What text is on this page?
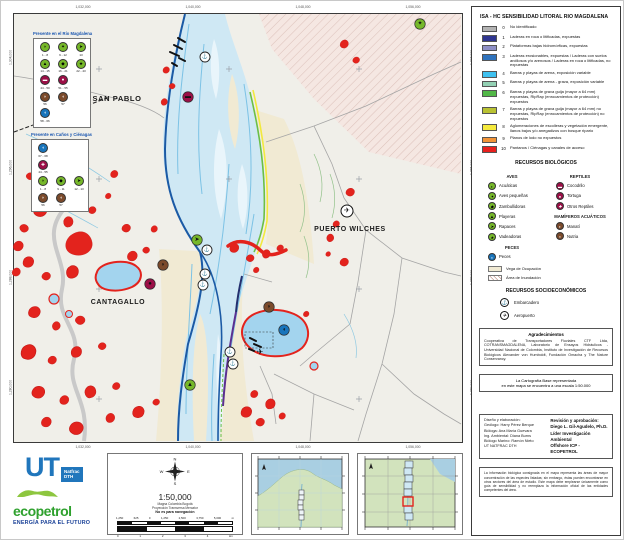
✈
➤
▲
✦
▬
●
◗
◗
◖
⚓
⚓
⚓
⚓
⚓
⚓
✈
SAN PABLO
CANTAGALLO
PUERTO WILCHES
Presente en el Río Magdalena
◗
1 - 8
✦
9 - 12
➤
13
▲
14 - 15
◆
16 - 21
★
22 - 43
▬
44 - 50
●
51 - 55
◗
56
◖
57
◖
58 - 66
Presente en Caños y Ciénagas
◖
67 - 68
✚
44 - 55
◗
1 - 8
◆
9 - 11
➤
12 - 13
◗
56
◖
57
1,032,000	1,040,000	1,048,000	1,056,000
1,032,000	1,040,000	1,048,000	1,056,000
1,304,000
1,296,000
1,288,000
1,280,000
ISA - HC SENSIBILIDAD LITORAL RIO MAGDALENA
0	No identificado
1	Laderas en roca o litificadas, expuestas
2	Plataformas bajas hidromórficas, expuestas
3	Laderas erosionables, expuestas / Laderas con suelos arcillosos y/o arenosos / Laderas en roca o litificadas, no expuestas
4	Barras y playas de arena, exposición variable
5	Barras y playas de arena - grava, exposición variable
6	Barras y playas de grava guija (mayor a 64 mm) expuestas, RipRap (enrocamientos de protección) expuestos
7	Barras y playas de grava guija (mayor a 64 mm) no expuestas, RipRap (enrocamientos de protección) no expuestos
8	Aglomeraciones de escolleras y vegetación emergente, llanos bajos y/o anegadizos con bosque ripario
9	Planos de lodo no expuestos
10 Pantanos / Ciénagas y canales de acceso
RECURSOS BIOLÓGICOS
AVES
◗	Acuáticas
✦	Aves pequeñas
◆	Zambullidoras
▲	Playeras
➤	Rapaces
★	Vadeadoras
PECES
◖	Peces
REPTILES
▬	Cocodrilo
●	Tortuga
✚	Otros Reptiles
MAMÍFEROS ACUÁTICOS
◗	Manatí
◖	Nutria
Vega de Ocupación
Área de Inundación
RECURSOS SOCIOECONÓMICOS
⚓	Embarcadero
✈	Aeropuerto
Agradecimientos
Cooperativa de Transportadores Fluviales CTF Ltda, COTRANSMAGDALENA, Laboratorio de Ensayos Hidráulicos - Universidad Nacional de Colombia, Instituto de Investigación de Recursos Biológicos Alexander von Humboldt, Fundación Omacha y The Nature Conservancy.
La Cartografía Base representada
en este mapa se encuentra a una escala 1:50.000
Diseño y elaboración:
Geólogo: Harry Pérez Berque
Bióloga: Ana María Guevara
Ing. Ambiental: Diana Burns
Biólogo Marino: Ramón Nieto
UT NATFRAC DTH
Revisión y aprobación:
Diego L. Gil-Agudelo, Ph.D.
Líder Investigación Ambiental
Offshore ICP - ECOPETROL
La información biológica consignada en el mapa representa las áreas de mayor concentración de las especies listadas; sin embargo, éstas pueden encontrarse en otros sectores del área de estudio. Este mapa debe emplearse únicamente como guía de sensibilidad y no reemplaza la información oficial de las entidades competentes del área.
UT Natfrac
DTH
ecopetrol
ENERGÍA PARA EL FUTURO
N
S
E
W
1:50,000
Magna Colombia Bogotá
Proyección Transversa Mercator
No es para navegación
1,250	625	0	1,250	2,500	3,750	5,000	m
0	1	2	3	4	km
